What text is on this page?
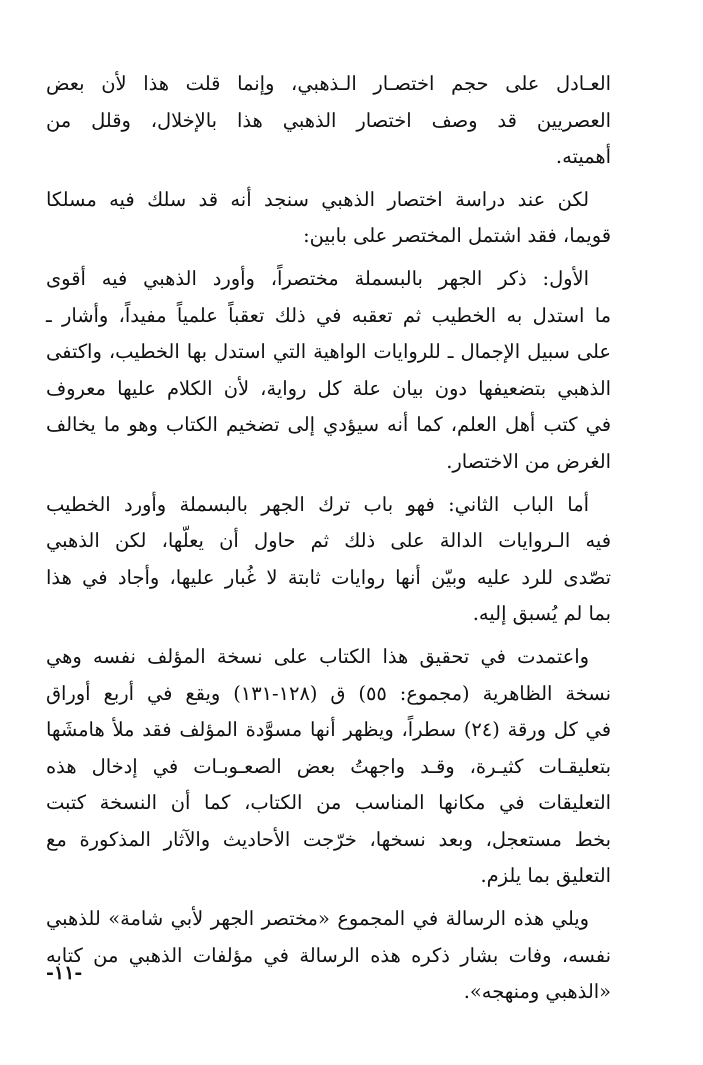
العـادل على حجم اختصـار الـذهبي، وإنما قلت هذا لأن بعض
العصريين قد وصف اختصار الذهبي هذا بالإخلال، وقلل من
أهميته.
لكن عند دراسة اختصار الذهبي سنجد أنه قد سلك فيه مسلكا
قويما، فقد اشتمل المختصر على بابين:
الأول: ذكر الجهر بالبسملة مختصراً، وأورد الذهبي فيه أقوى
ما استدل به الخطيب ثم تعقبه في ذلك تعقباً علمياً مفيداً، وأشار ـ
على سبيل الإجمال ـ للروايات الواهية التي استدل بها الخطيب، واكتفى
الذهبي بتضعيفها دون بيان علة كل رواية، لأن الكلام عليها معروف
في كتب أهل العلم، كما أنه سيؤدي إلى تضخيم الكتاب وهو ما يخالف
الغرض من الاختصار.
أما الباب الثاني: فهو باب ترك الجهر بالبسملة وأورد الخطيب
فيه الـروايات الدالة على ذلك ثم حاول أن يعلّها، لكن الذهبي
تصّدى للرد عليه وبيّن أنها روايات ثابتة لا غُبار عليها، وأجاد في هذا
بما لم يُسبق إليه.
واعتمدت في تحقيق هذا الكتاب على نسخة المؤلف نفسه وهي
نسخة الظاهرية (مجموع: ٥٥) ق (١٢٨-١٣١) ويقع في أربع أوراق
في كل ورقة (٢٤) سطراً، ويظهر أنها مسوَّدة المؤلف فقد ملأ هامشَها
بتعليقـات كثيـرة، وقـد واجهتُ بعض الصعـوبـات في إدخال هذه
التعليقات في مكانها المناسب من الكتاب، كما أن النسخة كتبت
بخط مستعجل، وبعد نسخها، خرّجت الأحاديث والآثار المذكورة مع
التعليق بما يلزم.
ويلي هذه الرسالة في المجموع «مختصر الجهر لأبي شامة» للذهبي
نفسه، وفات بشار ذكره هذه الرسالة في مؤلفات الذهبي من كتابه
«الذهبي ومنهجه».
-١١-
